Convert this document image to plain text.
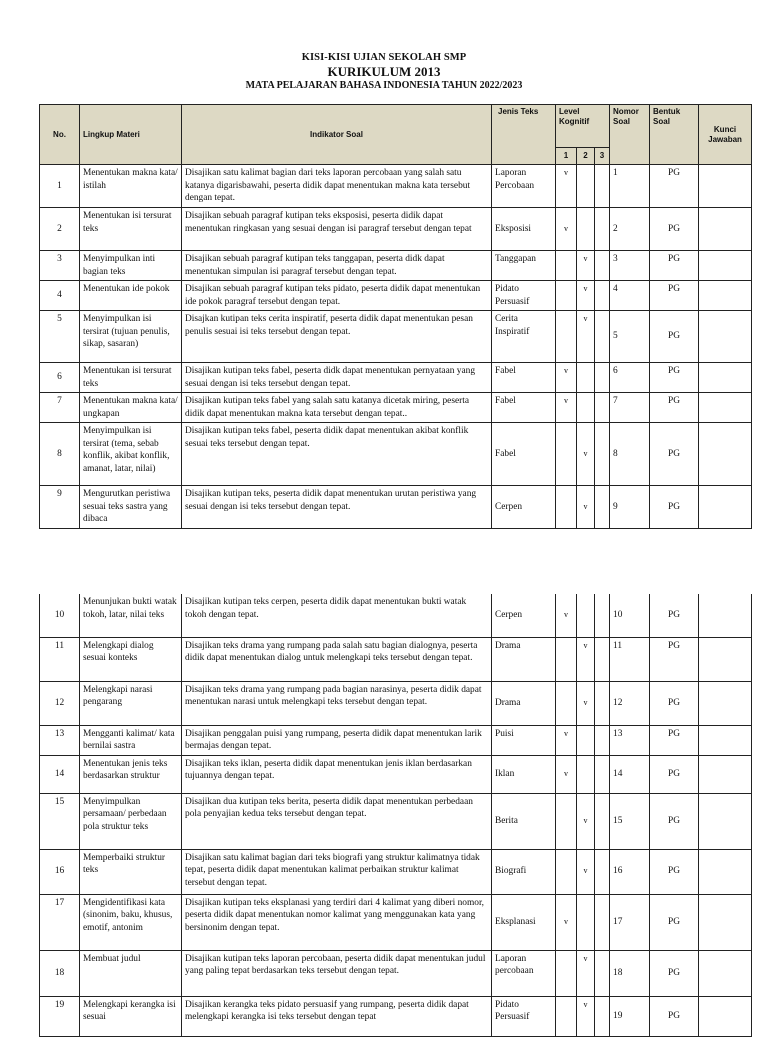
KISI-KISI UJIAN SEKOLAH SMP
KURIKULUM 2013
MATA PELAJARAN BAHASA INDONESIA TAHUN 2022/2023
No.	Lingkup Materi	Indikator Soal	Jenis Teks	Level Kognitif			Nomor Soal	Bentuk Soal	Kunci Jawaban
				1	2	3			
1	Menentukan makna kata/ istilah	Disajikan satu kalimat bagian dari teks laporan percobaan yang salah satu katanya digarisbawahi, peserta didik dapat menentukan makna kata tersebut dengan tepat.	Laporan Percobaan	v			1	PG	
2	Menentukan isi tersurat teks	Disajikan sebuah paragraf kutipan teks eksposisi, peserta didik dapat menentukan ringkasan yang sesuai dengan isi paragraf tersebut dengan tepat	Eksposisi	v			2	PG	
3	Menyimpulkan inti bagian teks	Disajikan sebuah paragraf kutipan teks tanggapan, peserta didk dapat menentukan simpulan isi paragraf tersebut dengan tepat.	Tanggapan		v		3	PG	
4	Menentukan ide pokok	Disajikan sebuah paragraf kutipan teks pidato, peserta didik dapat menentukan ide pokok paragraf tersebut dengan tepat.	Pidato Persuasif		v		4	PG	
5	Menyimpulkan isi tersirat (tujuan penulis, sikap, sasaran)	Disajkan kutipan teks cerita inspiratif, peserta didik dapat menentukan pesan penulis sesuai isi teks tersebut dengan tepat.	Cerita Inspiratif		v		5	PG	
6	Menentukan isi tersurat teks	Disajikan kutipan teks fabel, peserta didk dapat menentukan pernyataan yang sesuai dengan isi teks tersebut dengan tepat.	Fabel	v			6	PG	
7	Menentukan makna kata/ ungkapan	Disajikan kutipan teks fabel yang salah satu katanya dicetak miring, peserta didik dapat menentukan makna kata tersebut dengan tepat..	Fabel	v			7	PG	
8	Menyimpulkan isi tersirat (tema, sebab konflik, akibat konflik, amanat, latar, nilai)	Disajikan kutipan teks fabel, peserta didik dapat menentukan akibat konflik sesuai teks tersebut dengan tepat.	Fabel		v		8	PG	
9	Mengurutkan peristiwa sesuai teks sastra yang dibaca	Disajikan kutipan teks, peserta didik dapat menentukan urutan peristiwa yang sesuai dengan isi teks tersebut dengan tepat.	Cerpen		v		9	PG	
10	Menunjukan bukti watak tokoh, latar, nilai teks	Disajikan kutipan teks cerpen, peserta didik dapat menentukan bukti watak tokoh dengan tepat.	Cerpen	v			10	PG	
11	Melengkapi dialog sesuai konteks	Disajikan teks drama yang rumpang pada salah satu bagian dialognya, peserta didik dapat menentukan dialog untuk melengkapi teks tersebut dengan tepat.	Drama		v		11	PG	
12	Melengkapi narasi pengarang	Disajikan teks drama yang rumpang pada bagian narasinya, peserta didik dapat menentukan narasi untuk melengkapi teks tersebut dengan tepat.	Drama		v		12	PG	
13	Mengganti kalimat/ kata bernilai sastra	Disajikan penggalan puisi yang rumpang, peserta didik dapat menentukan larik bermajas dengan tepat.	Puisi	v			13	PG	
14	Menentukan jenis teks berdasarkan struktur	Disajikan teks iklan, peserta didik dapat menentukan jenis iklan berdasarkan tujuannya dengan tepat.	Iklan	v			14	PG	
15	Menyimpulkan persamaan/ perbedaan pola struktur teks	Disajikan dua kutipan teks berita, peserta didik dapat menentukan perbedaan pola penyajian kedua teks tersebut dengan tepat.	Berita		v		15	PG	
16	Memperbaiki struktur teks	Disajikan satu kalimat bagian dari teks biografi yang struktur kalimatnya tidak tepat, peserta didik dapat menentukan kalimat perbaikan struktur kalimat tersebut dengan tepat.	Biografi		v		16	PG	
17	Mengidentifikasi kata (sinonim, baku, khusus, emotif, antonim	Disajikan kutipan teks eksplanasi yang terdiri dari 4 kalimat yang diberi nomor, peserta didik dapat menentukan nomor kalimat yang menggunakan kata yang bersinonim dengan tepat.	Eksplanasi	v			17	PG	
18	Membuat judul	Disajikan kutipan teks laporan percobaan, peserta didik dapat menentukan judul yang paling tepat berdasarkan teks tersebut dengan tepat.	Laporan percobaan		v		18	PG	
19	Melengkapi kerangka isi sesuai	Disajikan kerangka teks pidato persuasif yang rumpang, peserta didik dapat melengkapi kerangka isi teks tersebut dengan tepat	Pidato Persuasif		v		19	PG	
